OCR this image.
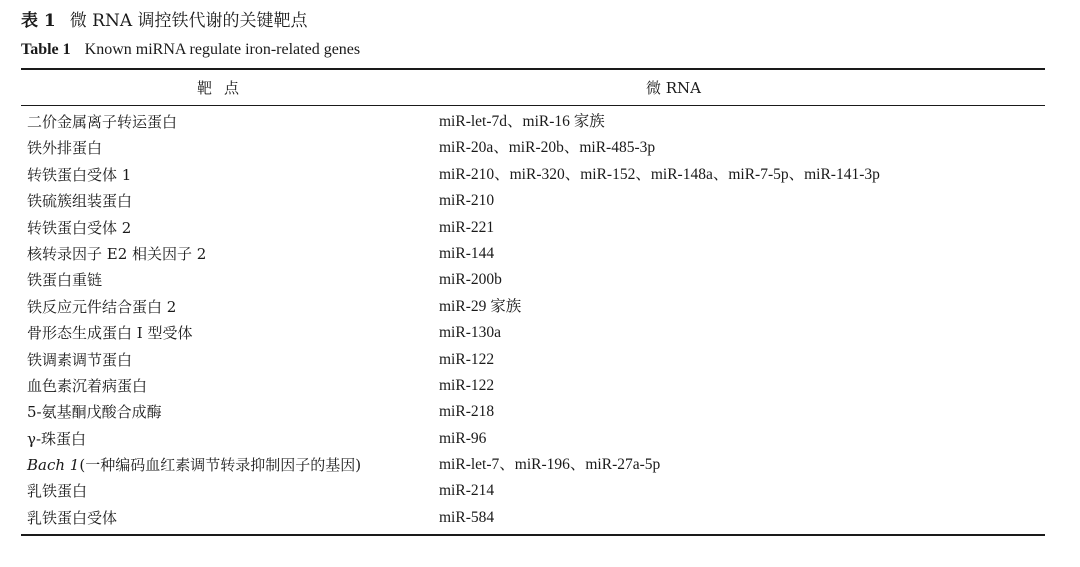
表 1 微 RNA 调控铁代谢的关键靶点
Table 1 Known miRNA regulate iron-related genes
靶点	微 RNA
二价金属离子转运蛋白	miR-let-7d、miR-16 家族
铁外排蛋白	miR-20a、miR-20b、miR-485-3p
转铁蛋白受体 1	miR-210、miR-320、miR-152、miR-148a、miR-7-5p、miR-141-3p
铁硫簇组装蛋白	miR-210
转铁蛋白受体 2	miR-221
核转录因子 E2 相关因子 2	miR-144
铁蛋白重链	miR-200b
铁反应元件结合蛋白 2	miR-29 家族
骨形态生成蛋白 Ⅰ 型受体	miR-130a
铁调素调节蛋白	miR-122
血色素沉着病蛋白	miR-122
5-氨基酮戊酸合成酶	miR-218
γ-珠蛋白	miR-96
Bach 1(一种编码血红素调节转录抑制因子的基因)	miR-let-7、miR-196、miR-27a-5p
乳铁蛋白	miR-214
乳铁蛋白受体	miR-584
